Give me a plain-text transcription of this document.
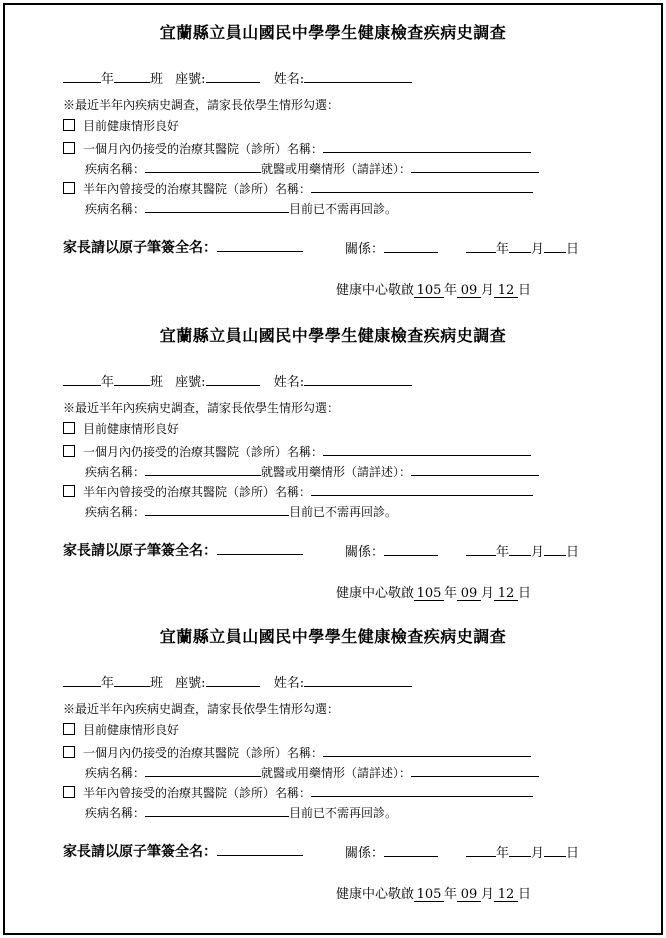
宜蘭縣立員山國民中學學生健康檢查疾病史調查
年	班 座號:	姓名:
※最近半年內疾病史調查，請家長依學生情形勾選：
目前健康情形良好
一個月內仍接受的治療其醫院（診所）名稱：
疾病名稱：	就醫或用藥情形（請詳述）：
半年內曾接受的治療其醫院（診所）名稱：
疾病名稱：	目前已不需再回診。
家長請以原子筆簽全名：	關係：	年 月 日
健康中心敬啟 105 年 09 月 12 日
宜蘭縣立員山國民中學學生健康檢查疾病史調查
年	班 座號:	姓名:
※最近半年內疾病史調查，請家長依學生情形勾選：
目前健康情形良好
一個月內仍接受的治療其醫院（診所）名稱：
疾病名稱：	就醫或用藥情形（請詳述）：
半年內曾接受的治療其醫院（診所）名稱：
疾病名稱：	目前已不需再回診。
家長請以原子筆簽全名：	關係：	年 月 日
健康中心敬啟 105 年 09 月 12 日
宜蘭縣立員山國民中學學生健康檢查疾病史調查
年	班 座號:	姓名:
※最近半年內疾病史調查，請家長依學生情形勾選：
目前健康情形良好
一個月內仍接受的治療其醫院（診所）名稱：
疾病名稱：	就醫或用藥情形（請詳述）：
半年內曾接受的治療其醫院（診所）名稱：
疾病名稱：	目前已不需再回診。
家長請以原子筆簽全名：	關係：	年 月 日
健康中心敬啟 105 年 09 月 12 日
